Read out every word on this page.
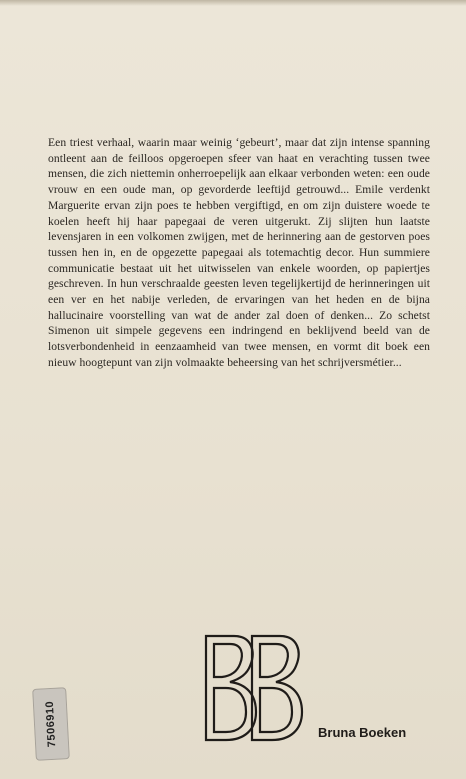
Een triest verhaal, waarin maar weinig ‘gebeurt’, maar dat zijn intense spanning ontleent aan de feilloos opgeroepen sfeer van haat en verachting tussen twee mensen, die zich niettemin onherroepelijk aan elkaar verbonden weten: een oude vrouw en een oude man, op gevorderde leeftijd getrouwd... Emile verdenkt Marguerite ervan zijn poes te hebben vergiftigd, en om zijn duistere woede te koelen heeft hij haar papegaai de veren uitgerukt. Zij slijten hun laatste levensjaren in een volkomen zwijgen, met de herinnering aan de gestorven poes tussen hen in, en de opgezette papegaai als totemachtig decor. Hun summiere communicatie bestaat uit het uitwisselen van enkele woorden, op papiertjes geschreven. In hun verschraalde geesten leven tegelijkertijd de herinneringen uit een ver en het nabije verleden, de ervaringen van het heden en de bijna hallucinaire voorstelling van wat de ander zal doen of denken... Zo schetst Simenon uit simpele gegevens een indringend en beklijvend beeld van de lotsverbondenheid in eenzaamheid van twee mensen, en vormt dit boek een nieuw hoogtepunt van zijn volmaakte beheersing van het schrijversmétier...

Bruna Boeken
7506910
